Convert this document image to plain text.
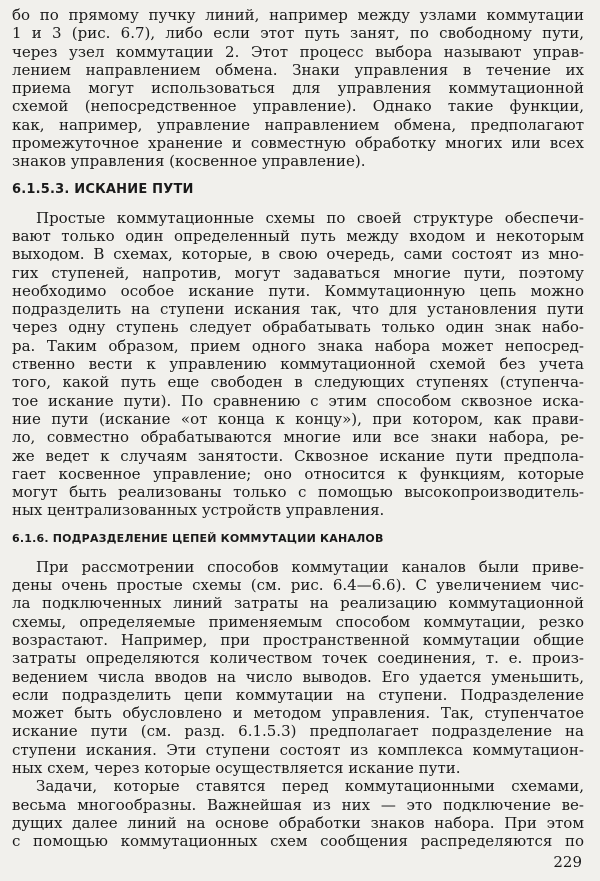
бо по прямому пучку линий, например между узлами коммутации
1 и 3 (рис. 6.7), либо если этот путь занят, по свободному пути,
через узел коммутации 2. Этот процесс выбора называют управ-
лением направлением обмена. Знаки управления в течение их
приема могут использоваться для управления коммутационной
схемой (непосредственное управление). Однако такие функции,
как, например, управление направлением обмена, предполагают
промежуточное хранение и совместную обработку многих или всех
знаков управления (косвенное управление).
6.1.5.3. ИСКАНИЕ ПУТИ
Простые коммутационные схемы по своей структуре обеспечи-
вают только один определенный путь между входом и некоторым
выходом. В схемах, которые, в свою очередь, сами состоят из мно-
гих ступеней, напротив, могут задаваться многие пути, поэтому
необходимо особое искание пути. Коммутационную цепь можно
подразделить на ступени искания так, что для установления пути
через одну ступень следует обрабатывать только один знак набо-
ра. Таким образом, прием одного знака набора может непосред-
ственно вести к управлению коммутационной схемой без учета
того, какой путь еще свободен в следующих ступенях (ступенча-
тое искание пути). По сравнению с этим способом сквозное иска-
ние пути (искание «от конца к концу»), при котором, как прави-
ло, совместно обрабатываются многие или все знаки набора, ре-
же ведет к случаям занятости. Сквозное искание пути предпола-
гает косвенное управление; оно относится к функциям, которые
могут быть реализованы только с помощью высокопроизводитель-
ных централизованных устройств управления.
6.1.6. ПОДРАЗДЕЛЕНИЕ ЦЕПЕЙ КОММУТАЦИИ КАНАЛОВ
При рассмотрении способов коммутации каналов были приве-
дены очень простые схемы (см. рис. 6.4—6.6). С увеличением чис-
ла подключенных линий затраты на реализацию коммутационной
схемы, определяемые применяемым способом коммутации, резко
возрастают. Например, при пространственной коммутации общие
затраты определяются количеством точек соединения, т. е. произ-
ведением числа вводов на число выводов. Его удается уменьшить,
если подразделить цепи коммутации на ступени. Подразделение
может быть обусловлено и методом управления. Так, ступенчатое
искание пути (см. разд. 6.1.5.3) предполагает подразделение на
ступени искания. Эти ступени состоят из комплекса коммутацион-
ных схем, через которые осуществляется искание пути.
Задачи, которые ставятся перед коммутационными схемами,
весьма многообразны. Важнейшая из них — это подключение ве-
дущих далее линий на основе обработки знаков набора. При этом
с помощью коммутационных схем сообщения распределяются по
229
